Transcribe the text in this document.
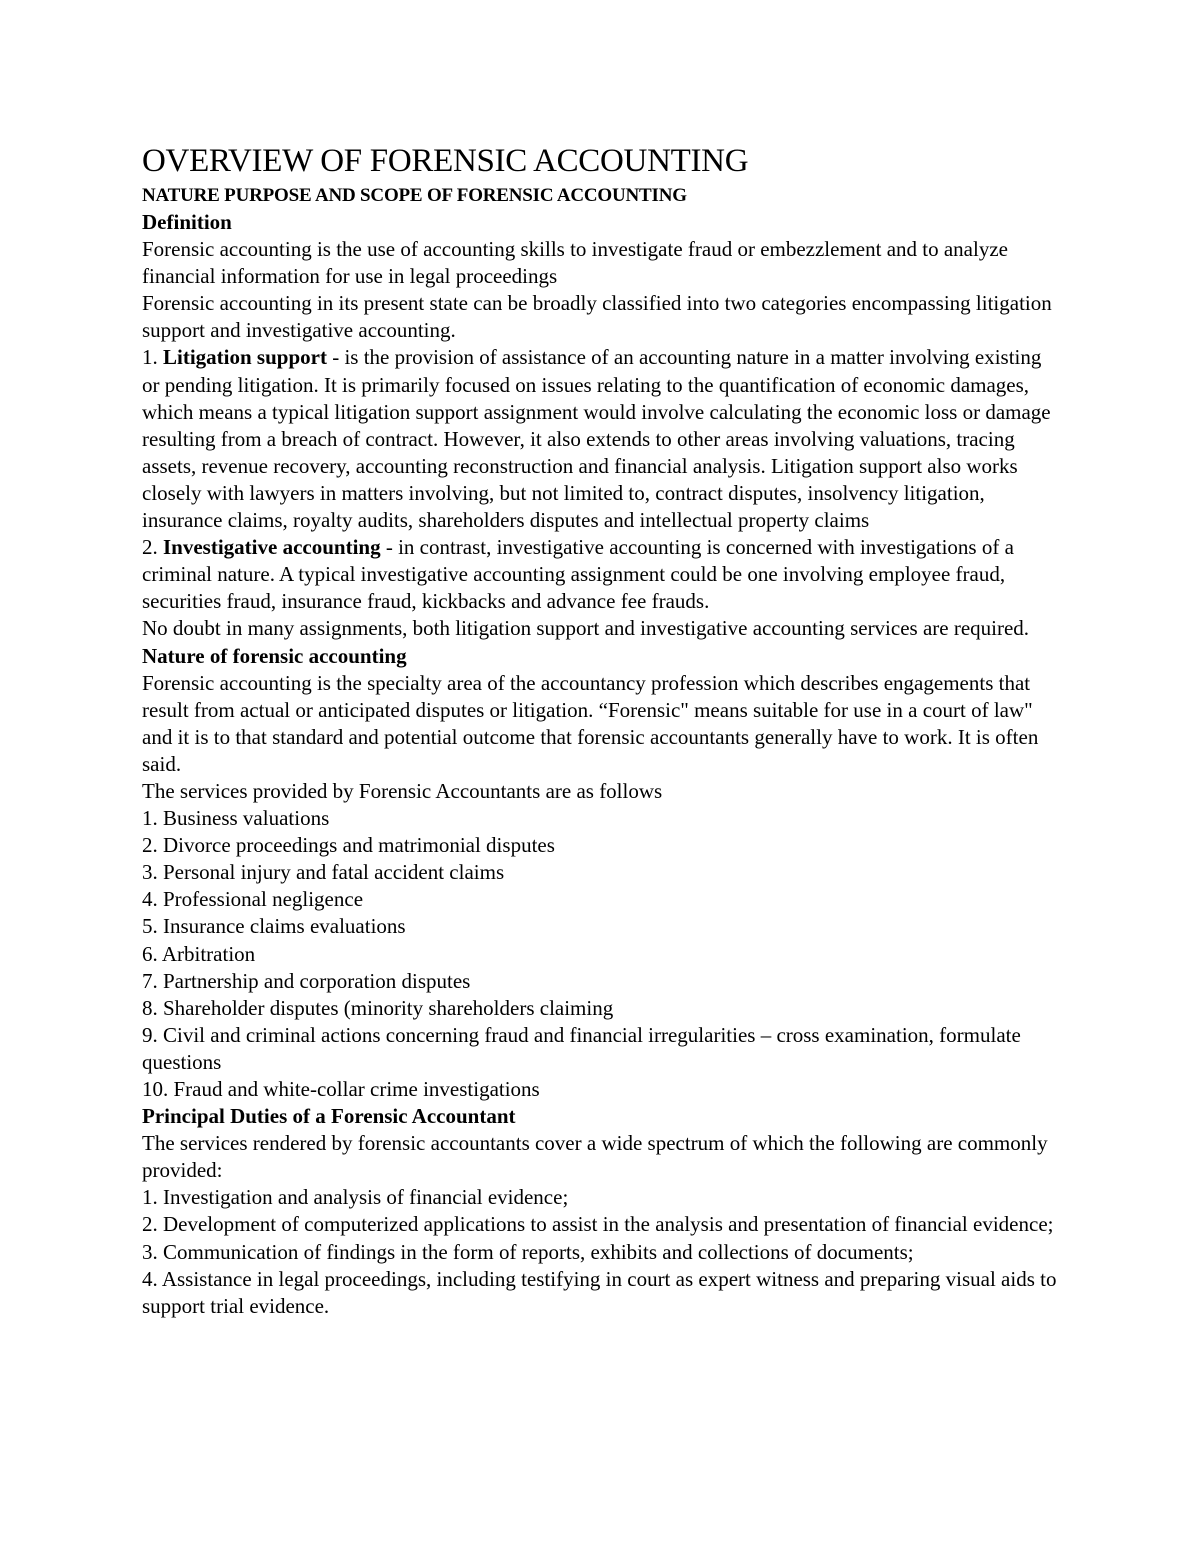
OVERVIEW OF FORENSIC ACCOUNTING

NATURE PURPOSE AND SCOPE OF FORENSIC ACCOUNTING

Definition

Forensic accounting is the use of accounting skills to investigate fraud or embezzlement and to analyze financial information for use in legal proceedings

Forensic accounting in its present state can be broadly classified into two categories encompassing litigation support and investigative accounting.

1. Litigation support - is the provision of assistance of an accounting nature in a matter involving existing or pending litigation. It is primarily focused on issues relating to the quantification of economic damages, which means a typical litigation support assignment would involve calculating the economic loss or damage resulting from a breach of contract. However, it also extends to other areas involving valuations, tracing assets, revenue recovery, accounting reconstruction and financial analysis. Litigation support also works closely with lawyers in matters involving, but not limited to, contract disputes, insolvency litigation, insurance claims, royalty audits, shareholders disputes and intellectual property claims

2. Investigative accounting - in contrast, investigative accounting is concerned with investigations of a criminal nature. A typical investigative accounting assignment could be one involving employee fraud, securities fraud, insurance fraud, kickbacks and advance fee frauds.

No doubt in many assignments, both litigation support and investigative accounting services are required.

Nature of forensic accounting

Forensic accounting is the specialty area of the accountancy profession which describes engagements that result from actual or anticipated disputes or litigation. “Forensic" means suitable for use in a court of law" and it is to that standard and potential outcome that forensic accountants generally have to work. It is often said.

The services provided by Forensic Accountants are as follows

1. Business valuations

2. Divorce proceedings and matrimonial disputes

3. Personal injury and fatal accident claims

4. Professional negligence

5. Insurance claims evaluations

6. Arbitration

7. Partnership and corporation disputes

8. Shareholder disputes (minority shareholders claiming

9. Civil and criminal actions concerning fraud and financial irregularities – cross examination, formulate questions

10. Fraud and white-collar crime investigations

Principal Duties of a Forensic Accountant

The services rendered by forensic accountants cover a wide spectrum of which the following are commonly provided:

1. Investigation and analysis of financial evidence;

2. Development of computerized applications to assist in the analysis and presentation of financial evidence;

3. Communication of findings in the form of reports, exhibits and collections of documents;

4. Assistance in legal proceedings, including testifying in court as expert witness and preparing visual aids to support trial evidence.
